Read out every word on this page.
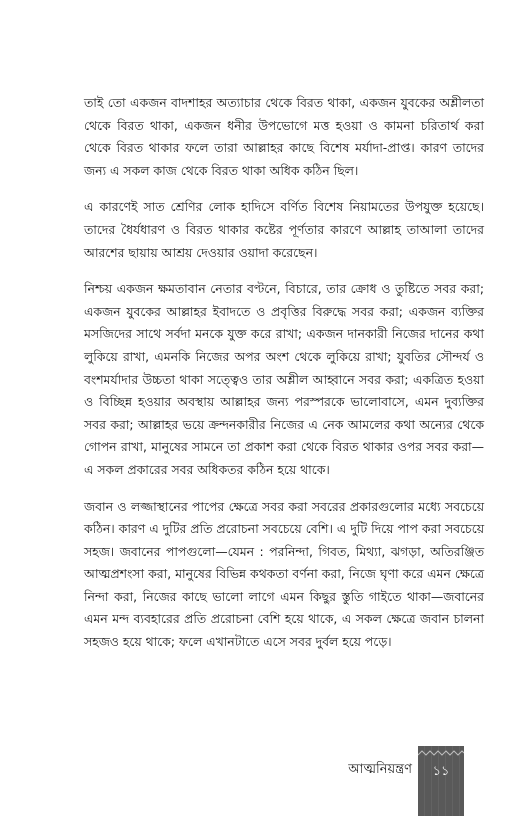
তাই তো একজন বাদশাহর অত্যাচার থেকে বিরত থাকা, একজন যুবকের অশ্লীলতা থেকে বিরত থাকা, একজন ধনীর উপভোগে মত্ত হওয়া ও কামনা চরিতার্থ করা থেকে বিরত থাকার ফলে তারা আল্লাহর কাছে বিশেষ মর্যাদা-প্রাপ্ত। কারণ তাদের জন্য এ সকল কাজ থেকে বিরত থাকা অধিক কঠিন ছিল।

এ কারণেই সাত শ্রেণির লোক হাদিসে বর্ণিত বিশেষ নিয়ামতের উপযুক্ত হয়েছে। তাদের ধৈর্যধারণ ও বিরত থাকার কষ্টের পূর্ণতার কারণে আল্লাহ তাআলা তাদের আরশের ছায়ায় আশ্রয় দেওয়ার ওয়াদা করেছেন।

নিশ্চয় একজন ক্ষমতাবান নেতার বণ্টনে, বিচারে, তার ক্রোধ ও তুষ্টিতে সবর করা; একজন যুবকের আল্লাহর ইবাদতে ও প্রবৃত্তির বিরুদ্ধে সবর করা; একজন ব্যক্তির মসজিদের সাথে সর্বদা মনকে যুক্ত করে রাখা; একজন দানকারী নিজের দানের কথা লুকিয়ে রাখা, এমনকি নিজের অপর অংশ থেকে লুকিয়ে রাখা; যুবতির সৌন্দর্য ও বংশমর্যাদার উচ্চতা থাকা সত্ত্বেও তার অশ্লীল আহ্বানে সবর করা; একত্রিত হওয়া ও বিচ্ছিন্ন হওয়ার অবস্থায় আল্লাহর জন্য পরস্পরকে ভালোবাসে, এমন দুব্যক্তির সবর করা; আল্লাহর ভয়ে ক্রন্দনকারীর নিজের এ নেক আমলের কথা অন্যের থেকে গোপন রাখা, মানুষের সামনে তা প্রকাশ করা থেকে বিরত থাকার ওপর সবর করা—এ সকল প্রকারের সবর অধিকতর কঠিন হয়ে থাকে।

জবান ও লজ্জাস্থানের পাপের ক্ষেত্রে সবর করা সবরের প্রকারগুলোর মধ্যে সবচেয়ে কঠিন। কারণ এ দুটির প্রতি প্ররোচনা সবচেয়ে বেশি। এ দুটি দিয়ে পাপ করা সবচেয়ে সহজ। জবানের পাপগুলো—যেমন : পরনিন্দা, গিবত, মিথ্যা, ঝগড়া, অতিরঞ্জিত আত্মপ্রশংসা করা, মানুষের বিভিন্ন কথকতা বর্ণনা করা, নিজে ঘৃণা করে এমন ক্ষেত্রে নিন্দা করা, নিজের কাছে ভালো লাগে এমন কিছুর স্তুতি গাইতে থাকা—জবানের এমন মন্দ ব্যবহারের প্রতি প্ররোচনা বেশি হয়ে থাকে, এ সকল ক্ষেত্রে জবান চালনা সহজও হয়ে থাকে; ফলে এখানটাতে এসে সবর দুর্বল হয়ে পড়ে।

আত্মনিয়ন্ত্রণ	১১
